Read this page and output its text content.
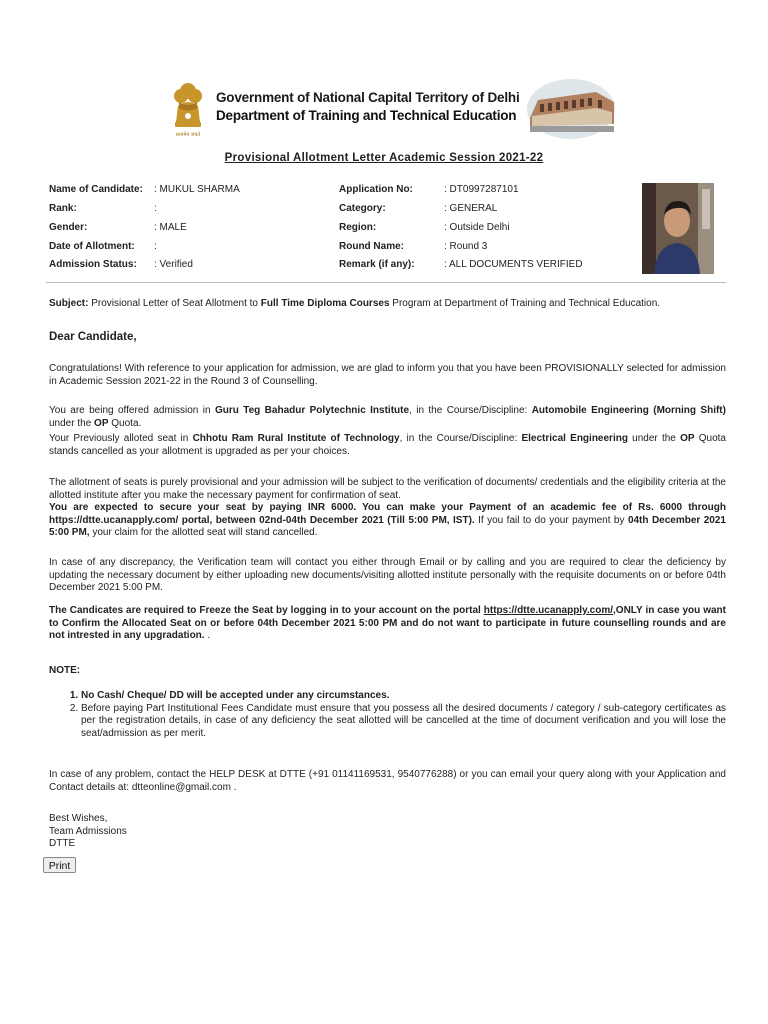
सत्यमेव जयते
Government of National Capital Territory of Delhi
Department of Training and Technical Education
Provisional Allotment Letter Academic Session 2021-22
Name of Candidate: : MUKUL SHARMA
Rank:	:
Gender:	: MALE
Date of Allotment: :
Admission Status: : Verified
Application No:	: DT0997287101
Category:	: GENERAL
Region:	: Outside Delhi
Round Name:	: Round 3
Remark (if any):	: ALL DOCUMENTS VERIFIED
Subject: Provisional Letter of Seat Allotment to Full Time Diploma Courses Program at Department of Training and Technical Education.
Dear Candidate,
Congratulations! With reference to your application for admission, we are glad to inform you that you have been PROVISIONALLY selected for admission in Academic Session 2021-22 in the Round 3 of Counselling.
You are being offered admission in Guru Teg Bahadur Polytechnic Institute, in the Course/Discipline: Automobile Engineering (Morning Shift) under the OP Quota.
Your Previously alloted seat in Chhotu Ram Rural Institute of Technology, in the Course/Discipline: Electrical Engineering under the OP Quota stands cancelled as your allotment is upgraded as per your choices.
The allotment of seats is purely provisional and your admission will be subject to the verification of documents/ credentials and the eligibility criteria at the allotted institute after you make the necessary payment for confirmation of seat.
You are expected to secure your seat by paying INR 6000. You can make your Payment of an academic fee of Rs. 6000 through https://dtte.ucanapply.com/ portal, between 02nd-04th December 2021 (Till 5:00 PM, IST). If you fail to do your payment by 04th December 2021 5:00 PM, your claim for the allotted seat will stand cancelled.
In case of any discrepancy, the Verification team will contact you either through Email or by calling and you are required to clear the deficiency by updating the necessary document by either uploading new documents/visiting allotted institute personally with the requisite documents on or before 04th December 2021 5:00 PM.
The Candicates are required to Freeze the Seat by logging in to your account on the portal https://dtte.ucanapply.com/,ONLY in case you want to Confirm the Allocated Seat on or before 04th December 2021 5:00 PM and do not want to participate in future counselling rounds and are not intrested in any upgradation. .
NOTE:
1. No Cash/ Cheque/ DD will be accepted under any circumstances.
2. Before paying Part Institutional Fees Candidate must ensure that you possess all the desired documents / category / sub-category certificates as per the registration details, in case of any deficiency the seat allotted will be cancelled at the time of document verification and you will lose the seat/admission as per merit.
In case of any problem, contact the HELP DESK at DTTE (+91 01141169531, 9540776288) or you can email your query along with your Application and Contact details at: dtteonline@gmail.com .
Best Wishes,
Team Admissions
DTTE
Print
